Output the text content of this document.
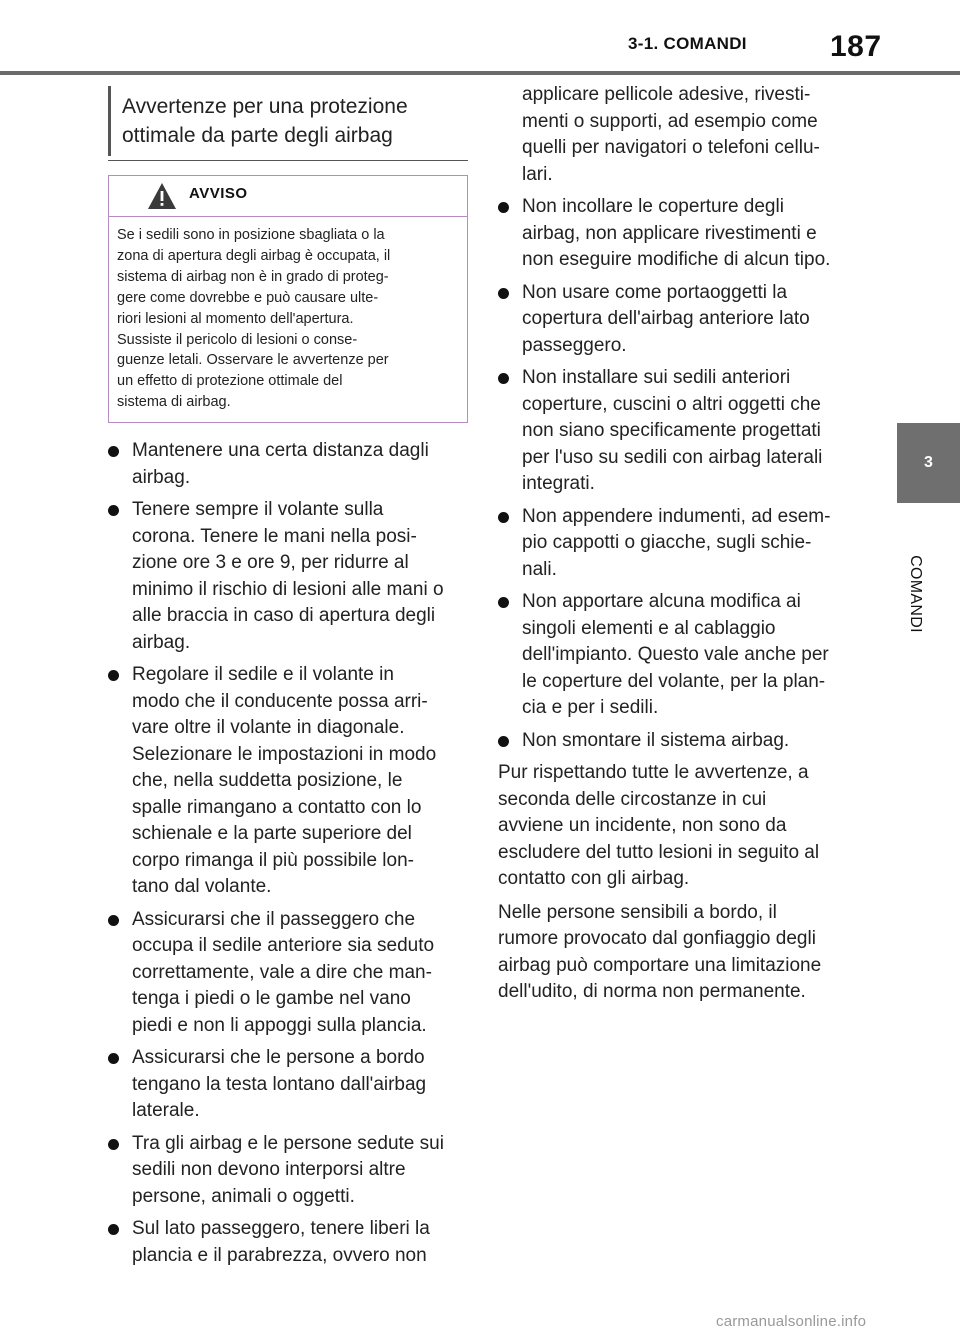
3-1. COMANDI	187
3
COMANDI
Avvertenze per una protezione
ottimale da parte degli airbag
AVVISO
Se i sedili sono in posizione sbagliata o la
zona di apertura degli airbag è occupata, il
sistema di airbag non è in grado di proteg-
gere come dovrebbe e può causare ulte-
riori lesioni al momento dell'apertura.
Sussiste il pericolo di lesioni o conse-
guenze letali. Osservare le avvertenze per
un effetto di protezione ottimale del
sistema di airbag.
Mantenere una certa distanza dagli
airbag.
Tenere sempre il volante sulla
corona. Tenere le mani nella posi-
zione ore 3 e ore 9, per ridurre al
minimo il rischio di lesioni alle mani o
alle braccia in caso di apertura degli
airbag.
Regolare il sedile e il volante in
modo che il conducente possa arri-
vare oltre il volante in diagonale.
Selezionare le impostazioni in modo
che, nella suddetta posizione, le
spalle rimangano a contatto con lo
schienale e la parte superiore del
corpo rimanga il più possibile lon-
tano dal volante.
Assicurarsi che il passeggero che
occupa il sedile anteriore sia seduto
correttamente, vale a dire che man-
tenga i piedi o le gambe nel vano
piedi e non li appoggi sulla plancia.
Assicurarsi che le persone a bordo
tengano la testa lontano dall'airbag
laterale.
Tra gli airbag e le persone sedute sui
sedili non devono interporsi altre
persone, animali o oggetti.
Sul lato passeggero, tenere liberi la
plancia e il parabrezza, ovvero non
applicare pellicole adesive, rivesti-
menti o supporti, ad esempio come
quelli per navigatori o telefoni cellu-
lari.
Non incollare le coperture degli
airbag, non applicare rivestimenti e
non eseguire modifiche di alcun tipo.
Non usare come portaoggetti la
copertura dell'airbag anteriore lato
passeggero.
Non installare sui sedili anteriori
coperture, cuscini o altri oggetti che
non siano specificamente progettati
per l'uso su sedili con airbag laterali
integrati.
Non appendere indumenti, ad esem-
pio cappotti o giacche, sugli schie-
nali.
Non apportare alcuna modifica ai
singoli elementi e al cablaggio
dell'impianto. Questo vale anche per
le coperture del volante, per la plan-
cia e per i sedili.
Non smontare il sistema airbag.

Pur rispettando tutte le avvertenze, a
seconda delle circostanze in cui
avviene un incidente, non sono da
escludere del tutto lesioni in seguito al
contatto con gli airbag.

Nelle persone sensibili a bordo, il
rumore provocato dal gonfiaggio degli
airbag può comportare una limitazione
dell'udito, di norma non permanente.

carmanualsonline.info
